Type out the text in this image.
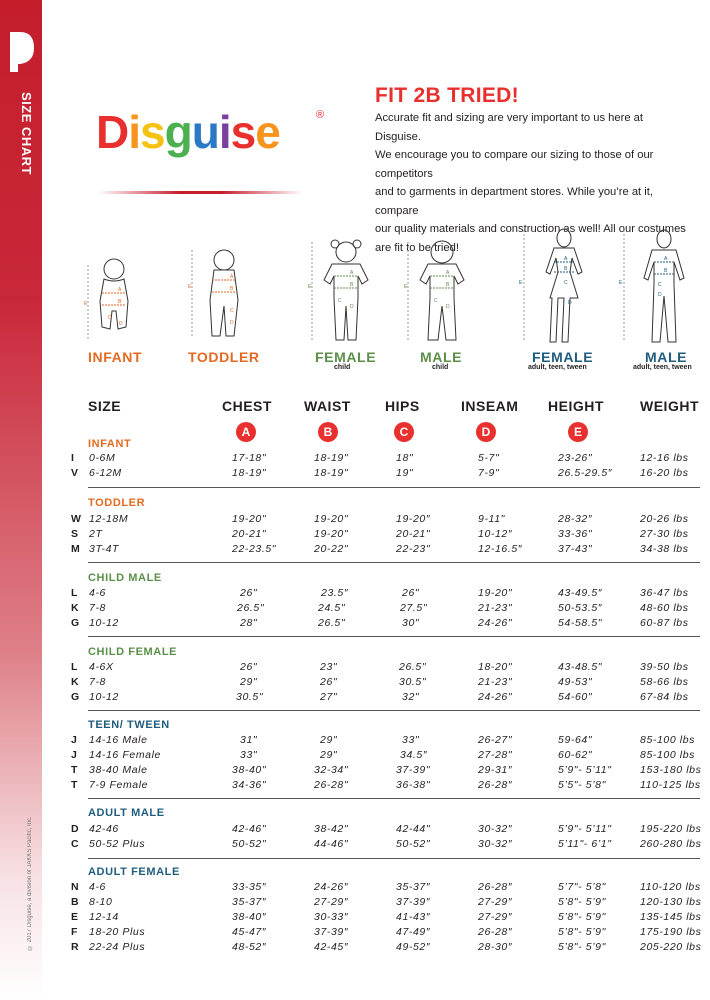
SIZE CHART
© 2017 Disguise, a division of JAKKS Pacific, Inc.
Disguise	®
FIT 2B TRIED!
Accurate fit and sizing are very important to us here at Disguise.
We encourage you to compare our sizing to those of our competitors
and to garments in department stores. While you’re at it, compare
our quality materials and construction as well! All our costumes
are fit to be tried!
E
A
B
C
D
E
A
B
C
D
E
A
B
C
D
E
A
B
C
D
E
A
B
C
D
E
A
B
C
D
INFANT	TODDLER	FEMALE
child
MALE
child
FEMALE
adult, teen, tween
MALE
adult, teen, tween
SIZE	CHEST WAIST HIPS	INSEAM HEIGHT	WEIGHT
A	B	C	D	E
INFANT
I 0-6M	17-18"	18-19"	18"	5-7"	23-26"	12-16 lbs
V 6-12M	18-19"	18-19"	19"	7-9"	26.5-29.5″	16-20 lbs
TODDLER
W 12-18M	19-20"	19-20"	19-20″	9-11"	28-32″	20-26 lbs
S 2T	20-21"	19-20"	20-21"	10-12″	33-36"	27-30 lbs
M 3T-4T	22-23.5"	20-22"	22-23"	12-16.5″	37-43"	34-38 lbs
CHILD MALE
L 4-6	26"	23.5″	26"	19-20"	43-49.5″	36-47 lbs
K 7-8	26.5"	24.5"	27.5"	21-23"	50-53.5″	48-60 lbs
G 10-12	28"	26.5"	30"	24-26"	54-58.5"	60-87 lbs
CHILD FEMALE
L 4-6X	26"	23"	26.5"	18-20"	43-48.5"	39-50 lbs
K 7-8	29"	26"	30.5"	21-23"	49-53"	58-66 lbs
G 10-12	30.5"	27"	32"	24-26"	54-60"	67-84 lbs
TEEN/ TWEEN
J 14-16 Male	31"	29"	33"	26-27"	59-64"	85-100 lbs
J 14-16 Female	33"	29"	34.5″	27-28"	60-62"	85-100 lbs
T 38-40 Male	38-40"	32-34"	37-39"	29-31″	5’9"- 5’11"	153-180 lbs
T 7-9 Female	34-36"	26-28"	36-38"	26-28″	5’5"- 5’8"	110-125 lbs
ADULT MALE
D 42-46	42-46"	38-42"	42-44"	30-32″	5’9"- 5’11"	195-220 lbs
C 50-52 Plus	50-52"	44-46"	50-52"	30-32″	5’11"- 6’1"	260-280 lbs
ADULT FEMALE
N 4-6	33-35″	24-26″	35-37″	26-28″	5’7"- 5’8"	110-120 lbs
B 8-10	35-37″	27-29″	37-39″	27-29″	5’8"- 5’9"	120-130 lbs
E 12-14	38-40″	30-33″	41-43″	27-29″	5’8"- 5’9"	135-145 lbs
F 18-20 Plus	45-47″	37-39″	47-49″	26-28″	5’8"- 5’9"	175-190 lbs
R 22-24 Plus	48-52″	42-45″	49-52″	28-30″	5’8"- 5’9"	205-220 lbs
